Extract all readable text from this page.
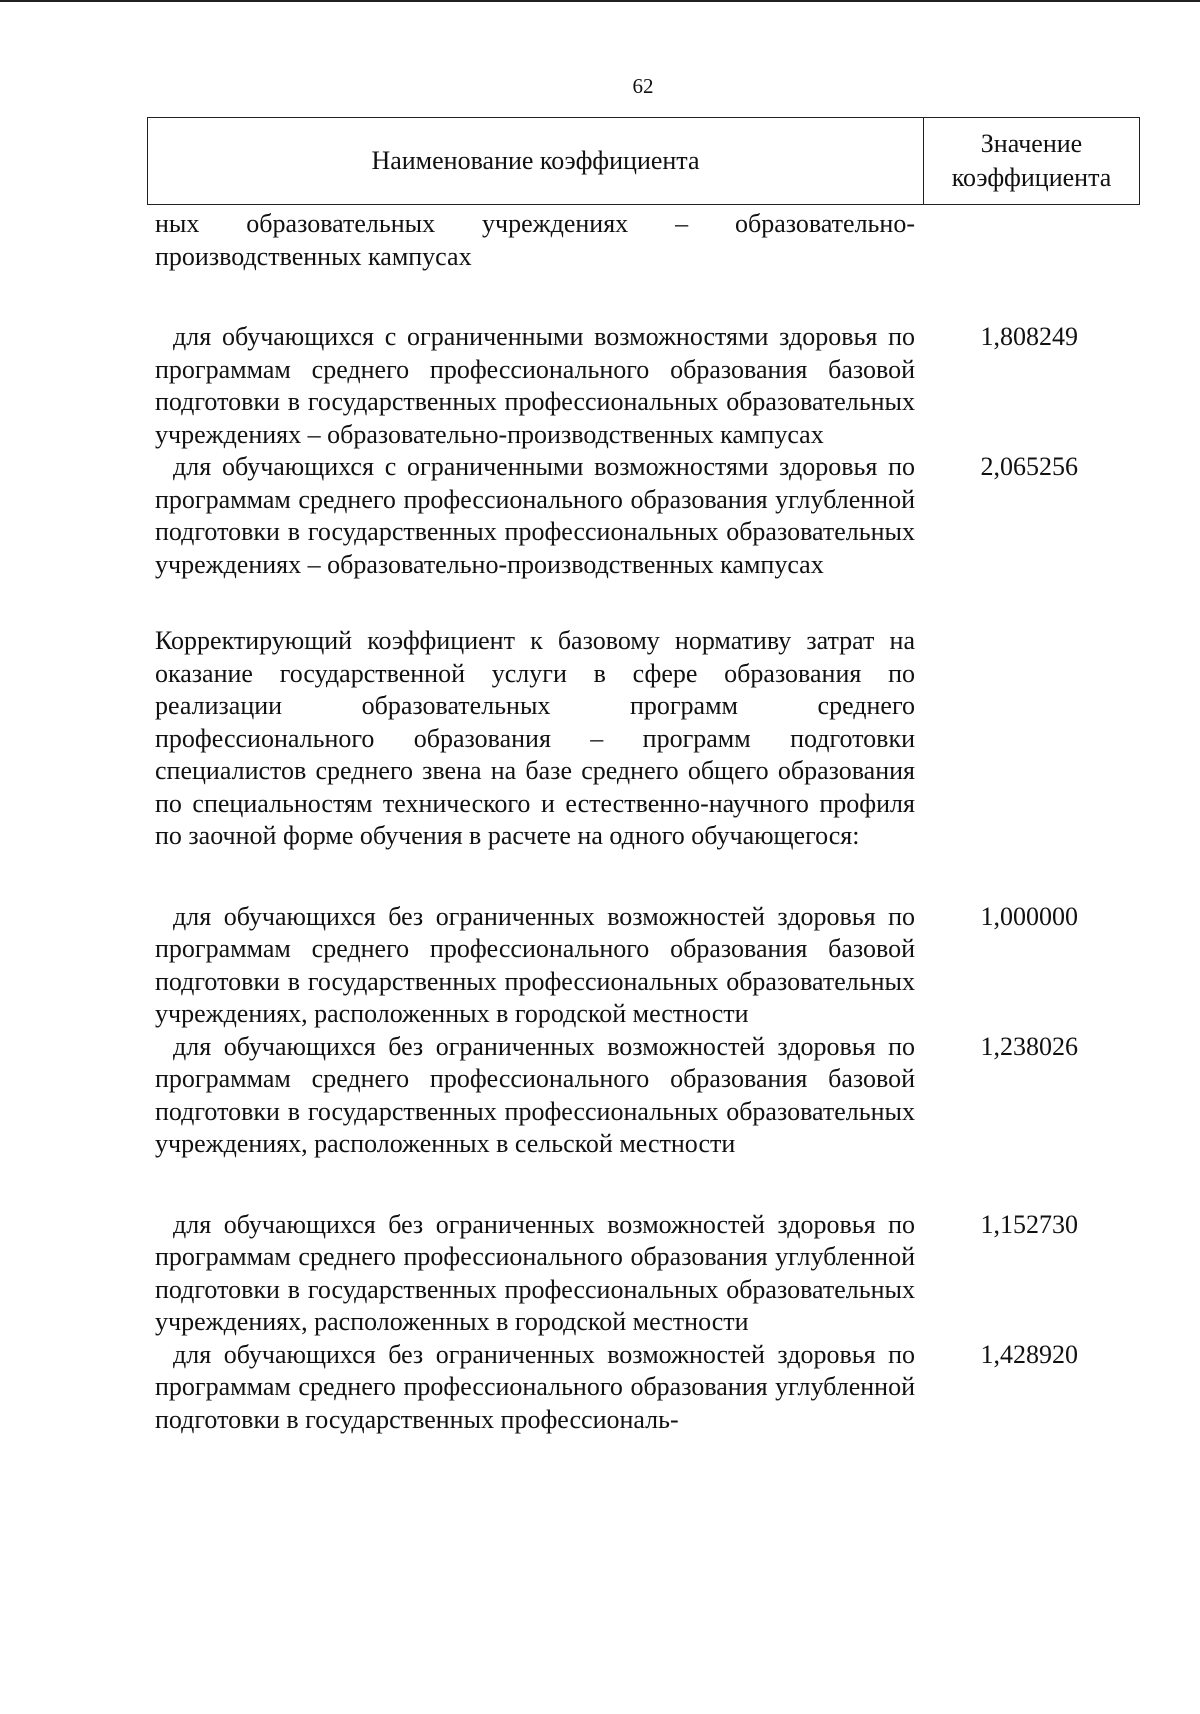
62
Наименование коэффициента
Значение
коэффициента
ных образовательных учреждениях – образовательно-производственных кампусах
для обучающихся с ограниченными возможностями здоровья по программам среднего профессионального образования базовой подготовки в государственных профессиональных образовательных учреждениях – образовательно-производственных кампусах
1,808249
для обучающихся с ограниченными возможностями здоровья по программам среднего профессионального образования углубленной подготовки в государственных профессиональных образовательных учреждениях – образовательно-производственных кампусах
2,065256
Корректирующий коэффициент к базовому нормативу затрат на оказание государственной услуги в сфере образования по реализации образовательных программ среднего профессионального образования – программ подготовки специалистов среднего звена на базе среднего общего образования по специальностям технического и естественно-научного профиля по заочной форме обучения в расчете на одного обучающегося:
для обучающихся без ограниченных возможностей здоровья по программам среднего профессионального образования базовой подготовки в государственных профессиональных образовательных учреждениях, расположенных в городской местности
1,000000
для обучающихся без ограниченных возможностей здоровья по программам среднего профессионального образования базовой подготовки в государственных профессиональных образовательных учреждениях, расположенных в сельской местности
1,238026
для обучающихся без ограниченных возможностей здоровья по программам среднего профессионального образования углубленной подготовки в государственных профессиональных образовательных учреждениях, расположенных в городской местности
1,152730
для обучающихся без ограниченных возможностей здоровья по программам среднего профессионального образования углубленной подготовки в государственных профессиональ-
1,428920
